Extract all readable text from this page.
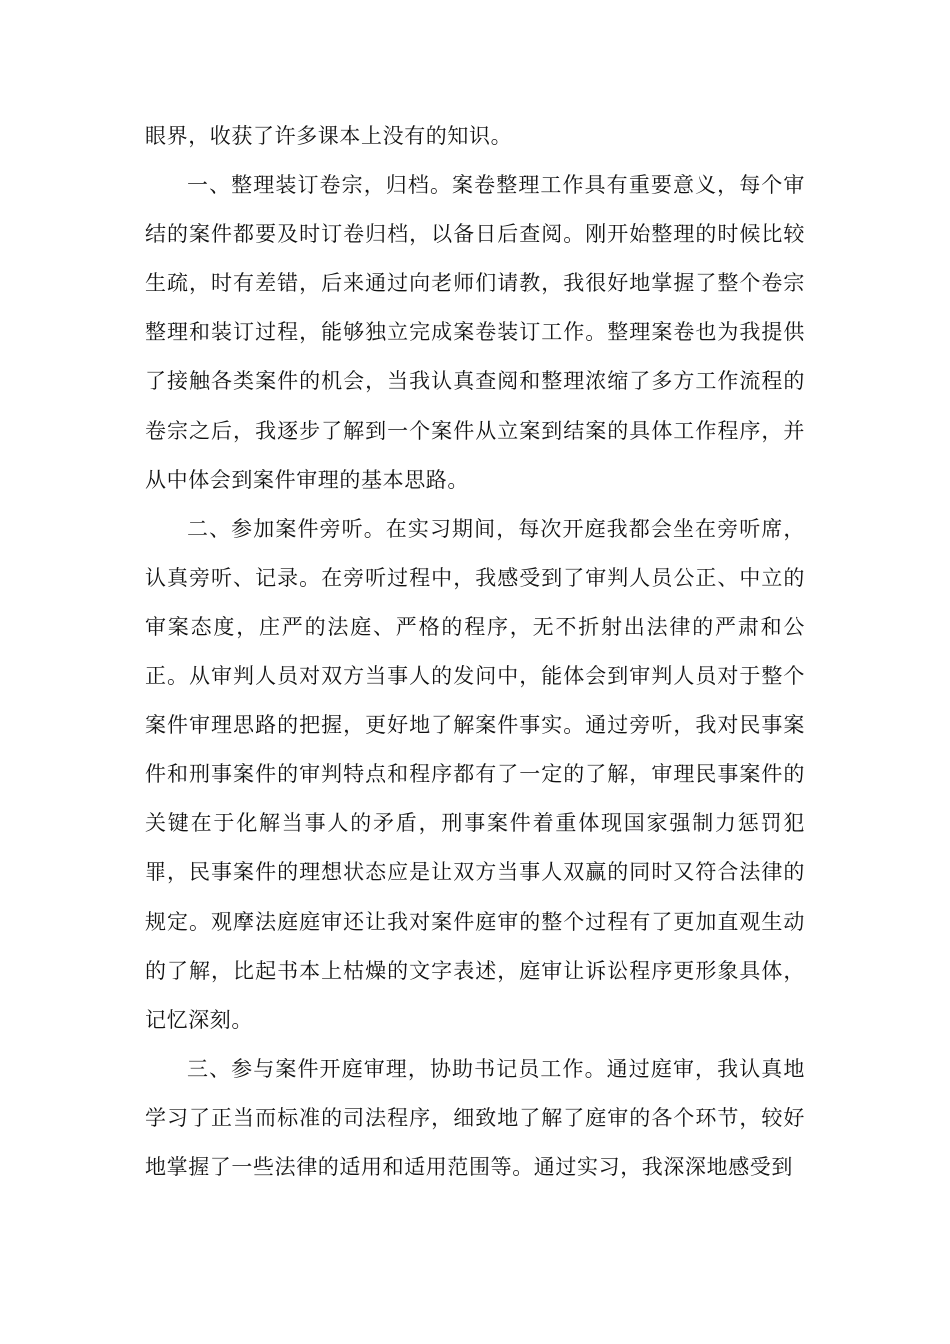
眼界，收获了许多课本上没有的知识。

一、整理装订卷宗，归档。案卷整理工作具有重要意义，每个审结的案件都要及时订卷归档，以备日后查阅。刚开始整理的时候比较生疏，时有差错，后来通过向老师们请教，我很好地掌握了整个卷宗整理和装订过程，能够独立完成案卷装订工作。整理案卷也为我提供了接触各类案件的机会，当我认真查阅和整理浓缩了多方工作流程的卷宗之后，我逐步了解到一个案件从立案到结案的具体工作程序，并从中体会到案件审理的基本思路。

二、参加案件旁听。在实习期间，每次开庭我都会坐在旁听席，认真旁听、记录。在旁听过程中，我感受到了审判人员公正、中立的审案态度，庄严的法庭、严格的程序，无不折射出法律的严肃和公正。从审判人员对双方当事人的发问中，能体会到审判人员对于整个案件审理思路的把握，更好地了解案件事实。通过旁听，我对民事案件和刑事案件的审判特点和程序都有了一定的了解，审理民事案件的关键在于化解当事人的矛盾，刑事案件着重体现国家强制力惩罚犯罪，民事案件的理想状态应是让双方当事人双赢的同时又符合法律的规定。观摩法庭庭审还让我对案件庭审的整个过程有了更加直观生动的了解，比起书本上枯燥的文字表述，庭审让诉讼程序更形象具体，记忆深刻。

三、参与案件开庭审理，协助书记员工作。通过庭审，我认真地学习了正当而标准的司法程序，细致地了解了庭审的各个环节，较好地掌握了一些法律的适用和适用范围等。通过实习，我深深地感受到
